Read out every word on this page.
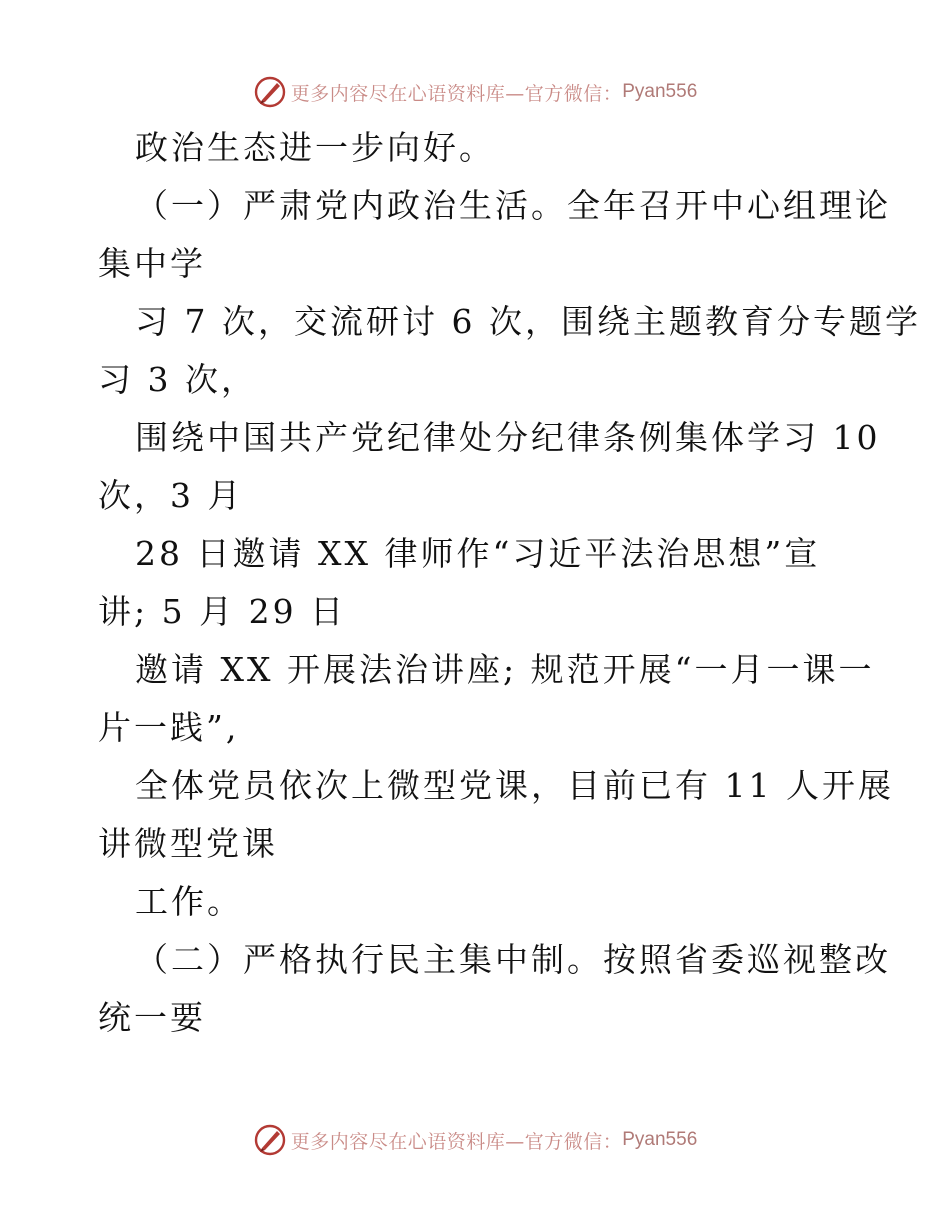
更多内容尽在心语资料库—官方微信： Pyan556
政治生态进一步向好。
（一）严肃党内政治生活。全年召开中心组理论
集中学
习 7 次，交流研讨 6 次，围绕主题教育分专题学
习 3 次，
围绕中国共产党纪律处分纪律条例集体学习 10
次，3 月
28 日邀请 XX 律师作“习近平法治思想”宣
讲; 5 月 29 日
邀请 XX 开展法治讲座; 规范开展“一月一课一
片一践”,
全体党员依次上微型党课，目前已有 11 人开展
讲微型党课
工作。
（二）严格执行民主集中制。按照省委巡视整改
统一要
更多内容尽在心语资料库—官方微信： Pyan556
